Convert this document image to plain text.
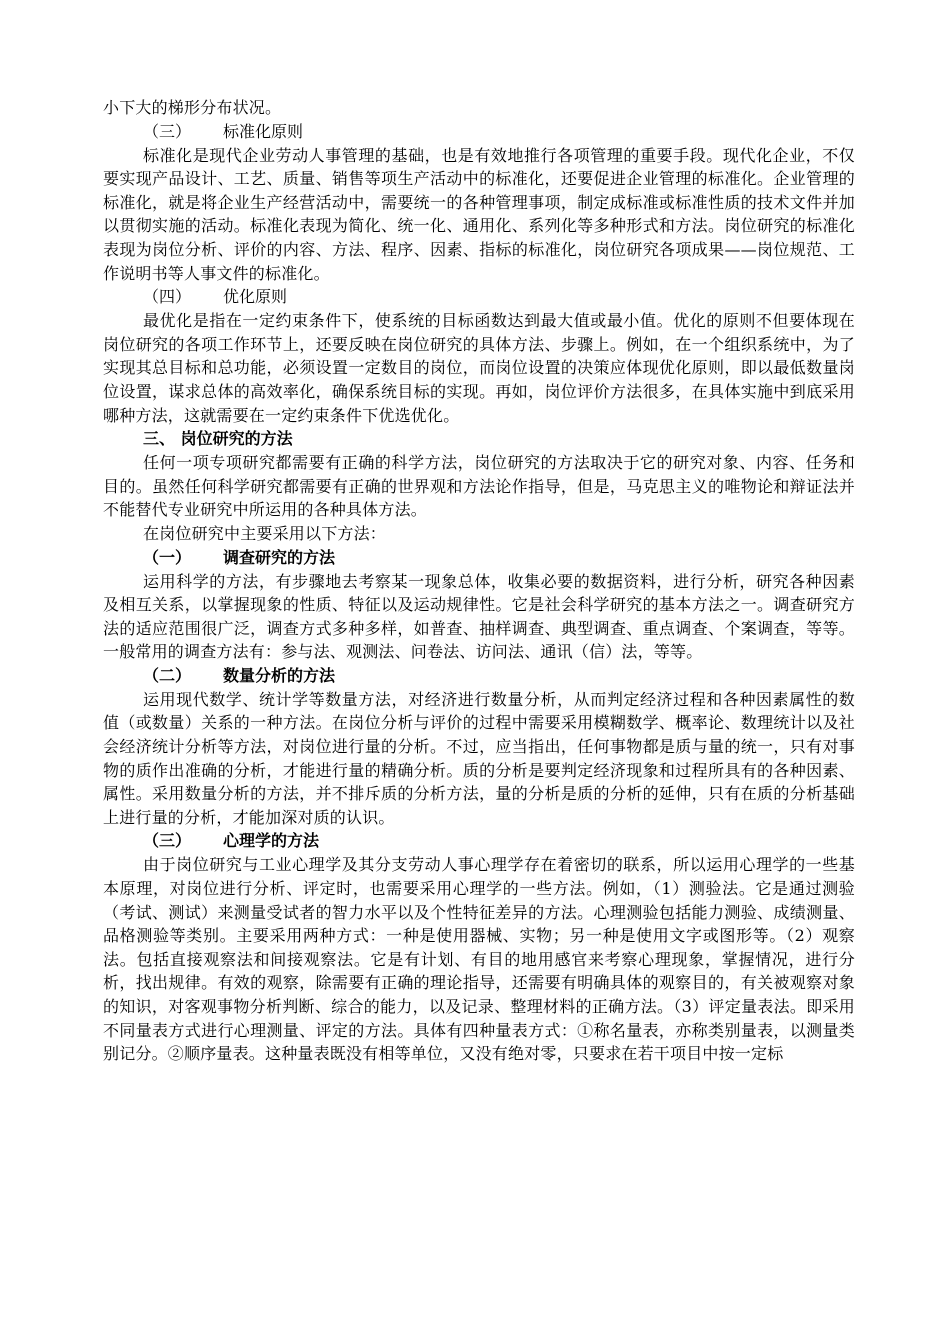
小下大的梯形分布状况。

（三） 标准化原则

标准化是现代企业劳动人事管理的基础，也是有效地推行各项管理的重要手段。现代化企业，不仅要实现产品设计、工艺、质量、销售等项生产活动中的标准化，还要促进企业管理的标准化。企业管理的标准化，就是将企业生产经营活动中，需要统一的各种管理事项，制定成标准或标准性质的技术文件并加以贯彻实施的活动。标准化表现为简化、统一化、通用化、系列化等多种形式和方法。岗位研究的标准化表现为岗位分析、评价的内容、方法、程序、因素、指标的标准化，岗位研究各项成果——岗位规范、工作说明书等人事文件的标准化。

（四） 优化原则

最优化是指在一定约束条件下，使系统的目标函数达到最大值或最小值。优化的原则不但要体现在岗位研究的各项工作环节上，还要反映在岗位研究的具体方法、步骤上。例如，在一个组织系统中，为了实现其总目标和总功能，必须设置一定数目的岗位，而岗位设置的决策应体现优化原则，即以最低数量岗位设置，谋求总体的高效率化，确保系统目标的实现。再如，岗位评价方法很多，在具体实施中到底采用哪种方法，这就需要在一定约束条件下优选优化。

三、 岗位研究的方法

任何一项专项研究都需要有正确的科学方法，岗位研究的方法取决于它的研究对象、内容、任务和目的。虽然任何科学研究都需要有正确的世界观和方法论作指导，但是，马克思主义的唯物论和辩证法并不能替代专业研究中所运用的各种具体方法。

在岗位研究中主要采用以下方法：

（一） 调查研究的方法

运用科学的方法，有步骤地去考察某一现象总体，收集必要的数据资料，进行分析，研究各种因素及相互关系，以掌握现象的性质、特征以及运动规律性。它是社会科学研究的基本方法之一。调查研究方法的适应范围很广泛，调查方式多种多样，如普查、抽样调查、典型调查、重点调查、个案调查，等等。一般常用的调查方法有：参与法、观测法、问卷法、访问法、通讯（信）法，等等。

（二） 数量分析的方法

运用现代数学、统计学等数量方法，对经济进行数量分析，从而判定经济过程和各种因素属性的数值（或数量）关系的一种方法。在岗位分析与评价的过程中需要采用模糊数学、概率论、数理统计以及社会经济统计分析等方法，对岗位进行量的分析。不过，应当指出，任何事物都是质与量的统一，只有对事物的质作出准确的分析，才能进行量的精确分析。质的分析是要判定经济现象和过程所具有的各种因素、属性。采用数量分析的方法，并不排斥质的分析方法，量的分析是质的分析的延伸，只有在质的分析基础上进行量的分析，才能加深对质的认识。

（三） 心理学的方法

由于岗位研究与工业心理学及其分支劳动人事心理学存在着密切的联系，所以运用心理学的一些基本原理，对岗位进行分析、评定时，也需要采用心理学的一些方法。例如，（1）测验法。它是通过测验（考试、测试）来测量受试者的智力水平以及个性特征差异的方法。心理测验包括能力测验、成绩测量、品格测验等类别。主要采用两种方式：一种是使用器械、实物；另一种是使用文字或图形等。（2）观察法。包括直接观察法和间接观察法。它是有计划、有目的地用感官来考察心理现象，掌握情况，进行分析，找出规律。有效的观察，除需要有正确的理论指导，还需要有明确具体的观察目的，有关被观察对象的知识，对客观事物分析判断、综合的能力，以及记录、整理材料的正确方法。（3）评定量表法。即采用不同量表方式进行心理测量、评定的方法。具体有四种量表方式：①称名量表，亦称类别量表，以测量类别记分。②顺序量表。这种量表既没有相等单位，又没有绝对零，只要求在若干项目中按一定标
